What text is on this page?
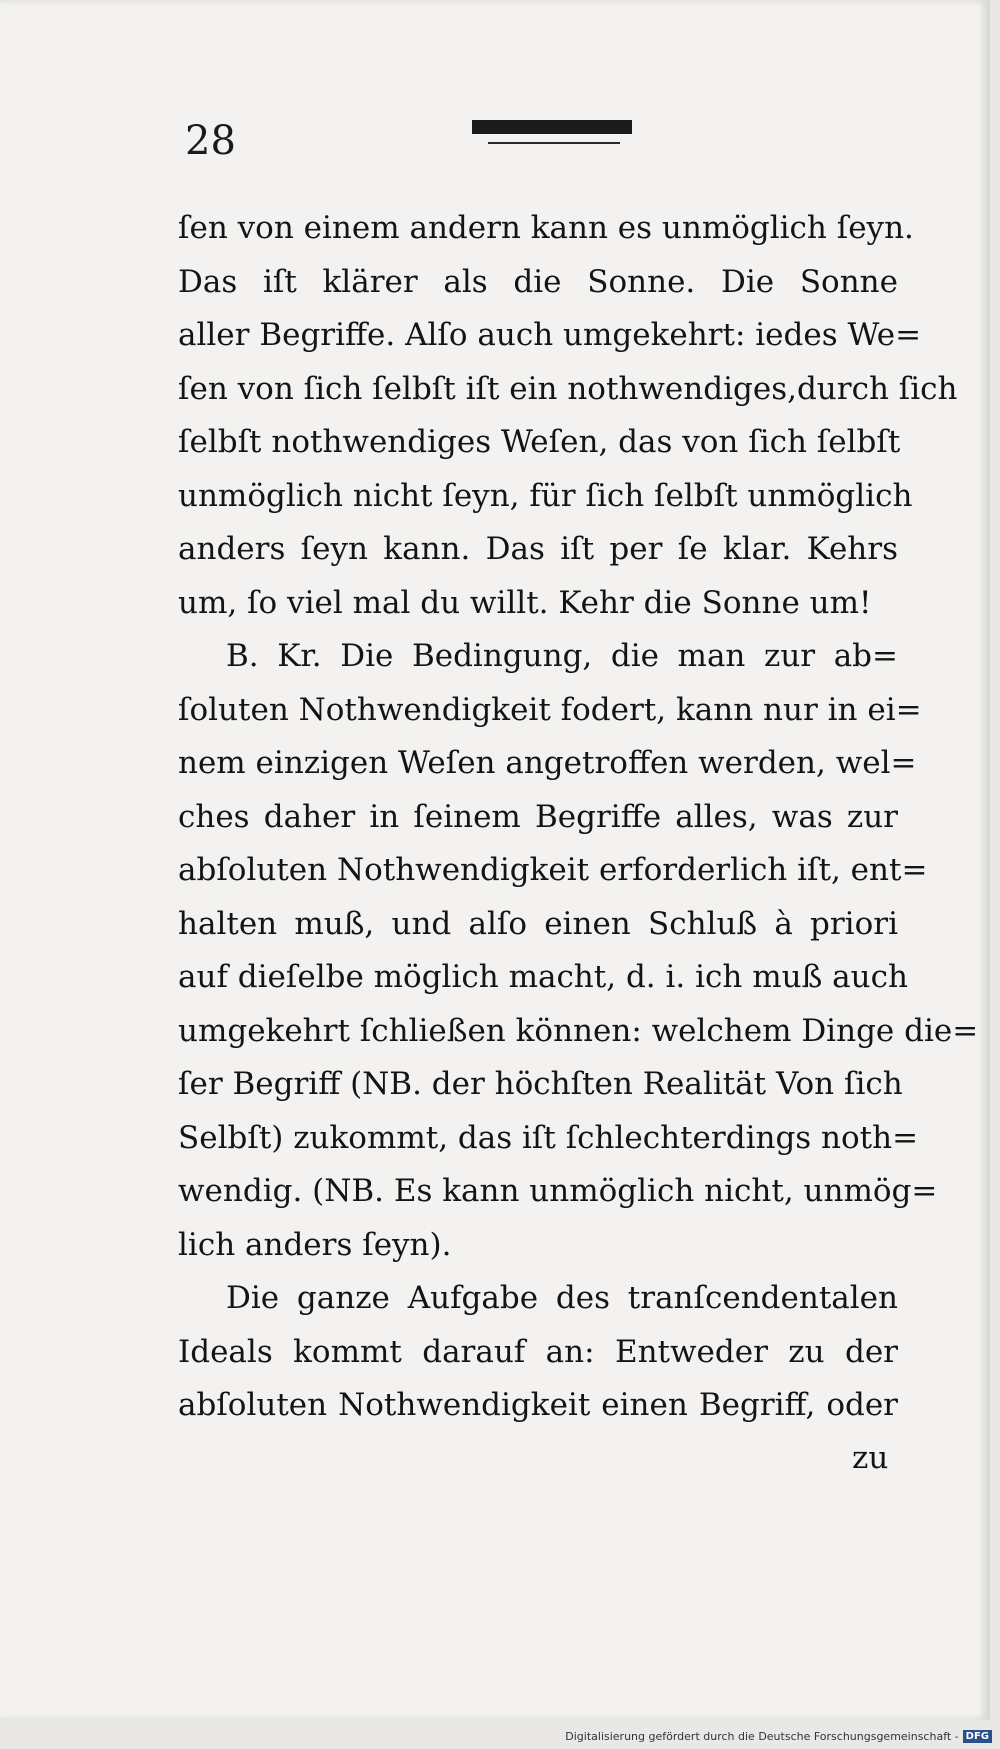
28
ſen von einem andern kann es unmöglich ſeyn.
Das iſt klärer als die Sonne. Die Sonne
aller Begriffe. Alſo auch umgekehrt: iedes We=
ſen von ſich ſelbſt iſt ein nothwendiges,durch ſich
ſelbſt nothwendiges Weſen, das von ſich ſelbſt
unmöglich nicht ſeyn, für ſich ſelbſt unmöglich
anders ſeyn kann. Das iſt per ſe klar. Kehrs
um, ſo viel mal du willt. Kehr die Sonne um!
B. Kr. Die Bedingung, die man zur ab=
ſoluten Nothwendigkeit fodert, kann nur in ei=
nem einzigen Weſen angetroffen werden, wel=
ches daher in ſeinem Begriffe alles, was zur
abſoluten Nothwendigkeit erforderlich iſt, ent=
halten muß, und alſo einen Schluß à priori
auf dieſelbe möglich macht, d. i. ich muß auch
umgekehrt ſchließen können: welchem Dinge die=
ſer Begriff (NB. der höchſten Realität Von ſich
Selbſt) zukommt, das iſt ſchlechterdings noth=
wendig. (NB. Es kann unmöglich nicht, unmög=
lich anders ſeyn).
Die ganze Aufgabe des tranſcendentalen
Ideals kommt darauf an: Entweder zu der
abſoluten Nothwendigkeit einen Begriff, oder
zu
Digitalisierung gefördert durch die Deutsche Forschungsgemeinschaft - DFG
